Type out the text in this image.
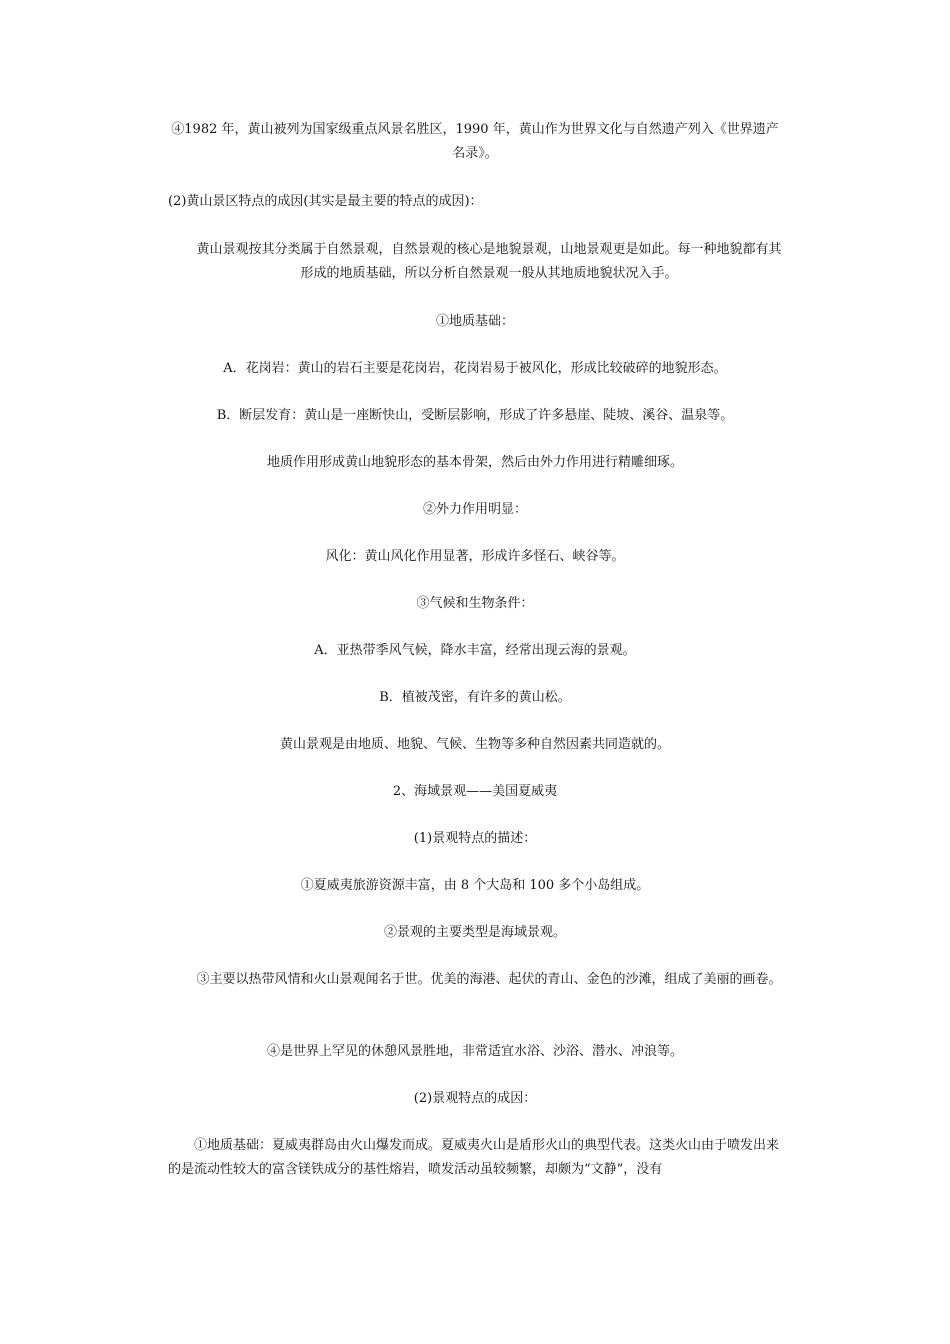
④1982 年，黄山被列为国家级重点风景名胜区，1990 年，黄山作为世界文化与自然遗产列入《世界遗产名录》。

(2)黄山景区特点的成因(其实是最主要的特点的成因)：

黄山景观按其分类属于自然景观，自然景观的核心是地貌景观，山地景观更是如此。每一种地貌都有其形成的地质基础，所以分析自然景观一般从其地质地貌状况入手。

①地质基础：

A．花岗岩：黄山的岩石主要是花岗岩，花岗岩易于被风化，形成比较破碎的地貌形态。

B．断层发育：黄山是一座断快山，受断层影响，形成了许多悬崖、陡坡、溪谷、温泉等。

地质作用形成黄山地貌形态的基本骨架，然后由外力作用进行精雕细琢。

②外力作用明显：

风化：黄山风化作用显著，形成许多怪石、峡谷等。

③气候和生物条件：

A．亚热带季风气候，降水丰富，经常出现云海的景观。

B．植被茂密，有许多的黄山松。

黄山景观是由地质、地貌、气候、生物等多种自然因素共同造就的。

2、海域景观——美国夏威夷

(1)景观特点的描述：

①夏威夷旅游资源丰富，由 8 个大岛和 100 多个小岛组成。

②景观的主要类型是海域景观。

③主要以热带风情和火山景观闻名于世。优美的海港、起伏的青山、金色的沙滩，组成了美丽的画卷。

④是世界上罕见的休憩风景胜地，非常适宜水浴、沙浴、潜水、冲浪等。

(2)景观特点的成因：

①地质基础：夏威夷群岛由火山爆发而成。夏威夷火山是盾形火山的典型代表。这类火山由于喷发出来的是流动性较大的富含镁铁成分的基性熔岩，喷发活动虽较频繁，却颇为“文静”，没有
